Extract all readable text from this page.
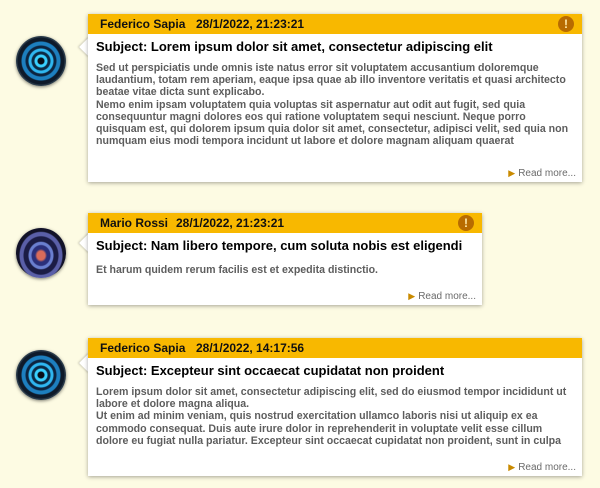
Federico Sapia 28/1/2022, 21:23:21	!
Subject: Lorem ipsum dolor sit amet, consectetur adipiscing elit

Sed ut perspiciatis unde omnis iste natus error sit voluptatem accusantium doloremque laudantium, totam rem aperiam, eaque ipsa quae ab illo inventore veritatis et quasi architecto beatae vitae dicta sunt explicabo.

Nemo enim ipsam voluptatem quia voluptas sit aspernatur aut odit aut fugit, sed quia consequuntur magni dolores eos qui ratione voluptatem sequi nesciunt. Neque porro quisquam est, qui dolorem ipsum quia dolor sit amet, consectetur, adipisci velit, sed quia non numquam eius modi tempora incidunt ut labore et dolore magnam aliquam quaerat

▶ Read more...
Mario Rossi 28/1/2022, 21:23:21	!
Subject: Nam libero tempore, cum soluta nobis est eligendi

Et harum quidem rerum facilis est et expedita distinctio.

▶ Read more...
Federico Sapia 28/1/2022, 14:17:56
Subject: Excepteur sint occaecat cupidatat non proident

Lorem ipsum dolor sit amet, consectetur adipiscing elit, sed do eiusmod tempor incididunt ut labore et dolore magna aliqua.

Ut enim ad minim veniam, quis nostrud exercitation ullamco laboris nisi ut aliquip ex ea commodo consequat. Duis aute irure dolor in reprehenderit in voluptate velit esse cillum dolore eu fugiat nulla pariatur. Excepteur sint occaecat cupidatat non proident, sunt in culpa

▶ Read more...
